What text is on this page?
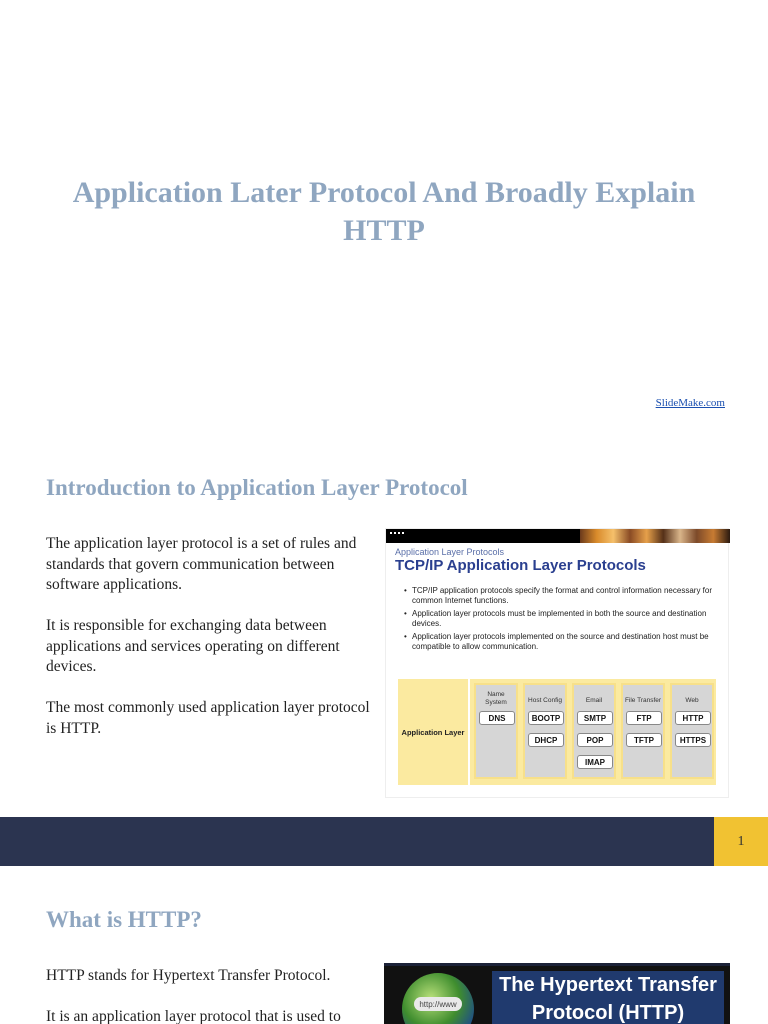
Application Later Protocol And Broadly Explain HTTP
SlideMake.com
Introduction to Application Layer Protocol

The application layer protocol is a set of rules and standards that govern communication between software applications.

It is responsible for exchanging data between applications and services operating on different devices.

The most commonly used application layer protocol is HTTP.

Application Layer Protocols
TCP/IP Application Layer Protocols
• TCP/IP application protocols specify the format and control information necessary for common Internet functions.
• Application layer protocols must be implemented in both the source and destination devices.
• Application layer protocols implemented on the source and destination host must be compatible to allow communication.
Application Layer
Name System
DNS
Host Config
BOOTP
DHCP
Email
SMTP
POP
IMAP
File Transfer
FTP
TFTP
Web
HTTP
HTTPS
1
What is HTTP?

HTTP stands for Hypertext Transfer Protocol.

It is an application layer protocol that is used to

http://www
The Hypertext Transfer Protocol (HTTP)
